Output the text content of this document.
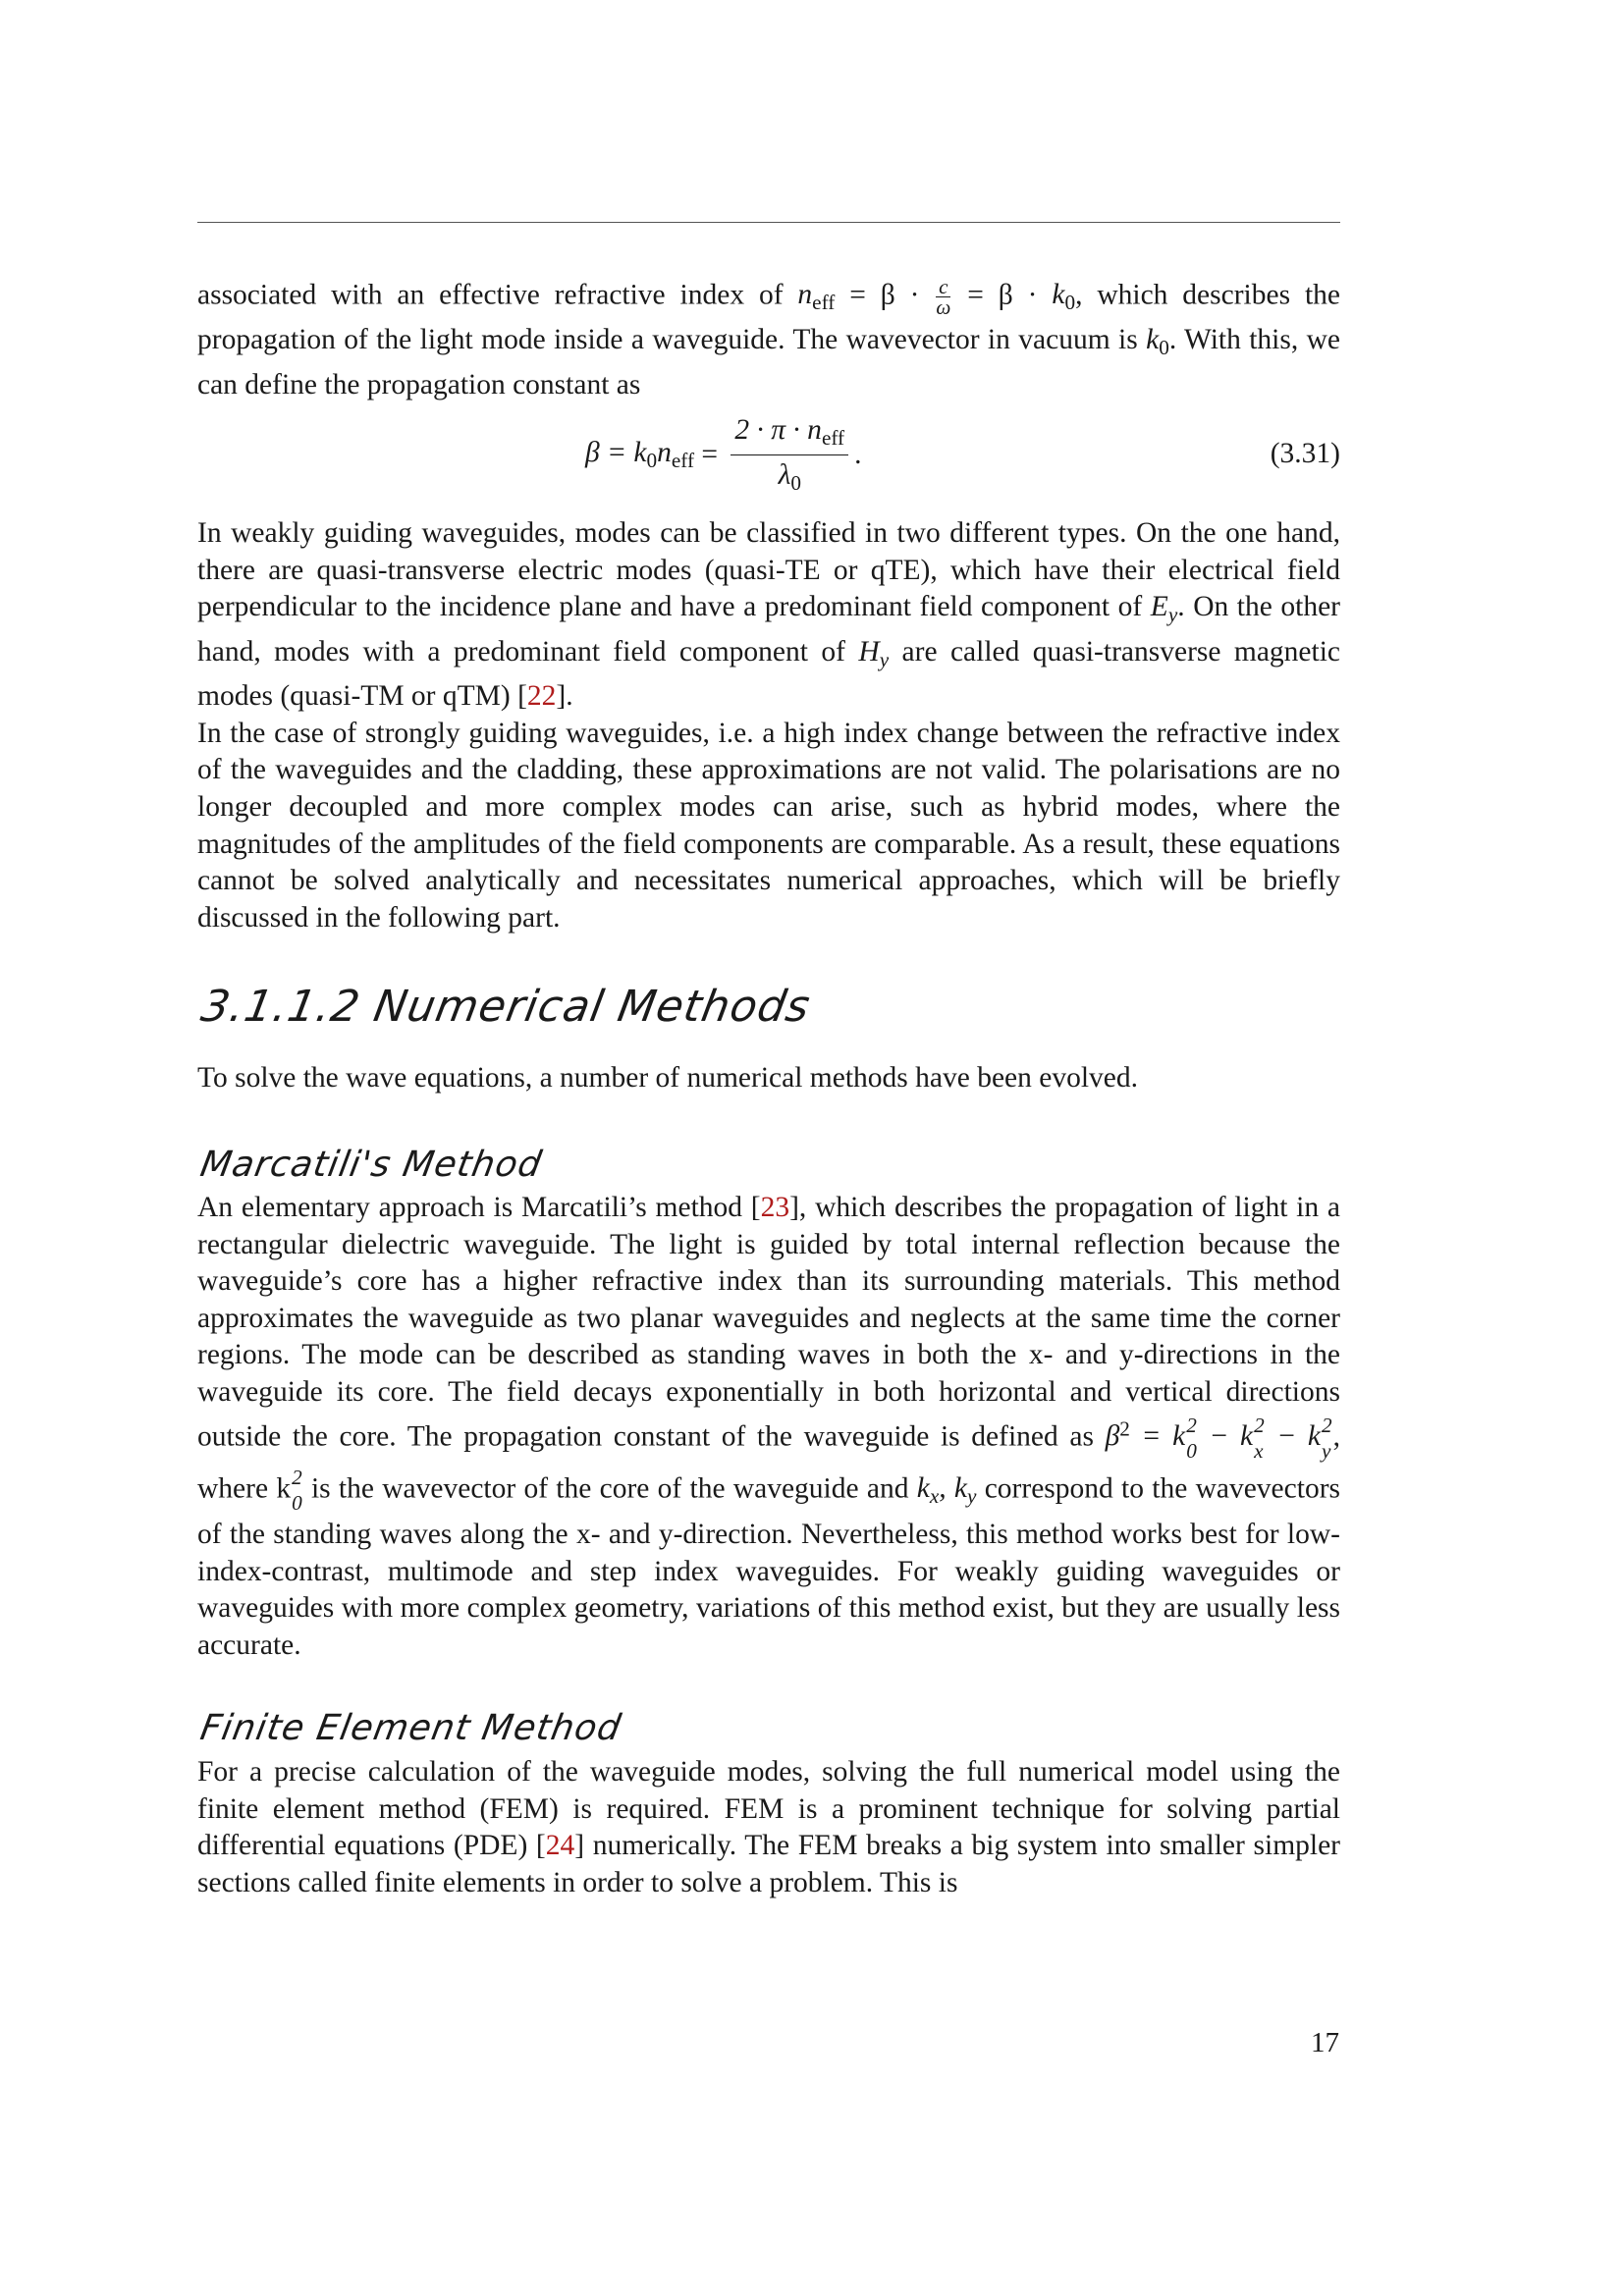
associated with an effective refractive index of $n_{eff} = \beta \cdot \frac{c}{\omega} = \beta \cdot k_0$, which describes the propagation of the light mode inside a waveguide. The wavevector in vacuum is $k_0$. With this, we can define the propagation constant as

$\beta = k_0n_{eff} = \frac{2 \cdot \pi \cdot n_{eff}}{\lambda_0}$ .	(3.31)

In weakly guiding waveguides, modes can be classified in two different types. On the one hand, there are quasi-transverse electric modes (quasi-TE or qTE), which have their electrical field perpendicular to the incidence plane and have a predominant field component of $E_y$. On the other hand, modes with a predominant field component of $H_y$ are called quasi-transverse magnetic modes (quasi-TM or qTM) [22].

In the case of strongly guiding waveguides, i.e. a high index change between the refractive index of the waveguides and the cladding, these approximations are not valid. The polarisations are no longer decoupled and more complex modes can arise, such as hybrid modes, where the magnitudes of the amplitudes of the field components are comparable. As a result, these equations cannot be solved analytically and necessitates numerical approaches, which will be briefly discussed in the following part.

3.1.1.2 Numerical Methods

To solve the wave equations, a number of numerical methods have been evolved.

Marcatili's Method

An elementary approach is Marcatili’s method [23], which describes the propagation of light in a rectangular dielectric waveguide. The light is guided by total internal reflection because the waveguide’s core has a higher refractive index than its surrounding materials. This method approximates the waveguide as two planar waveguides and neglects at the same time the corner regions. The mode can be described as standing waves in both the x- and y-directions in the waveguide its core. The field decays exponentially in both horizontal and vertical directions outside the core. The propagation constant of the waveguide is defined as $\beta^2 = k$ 2
0 − k 2
x − k 2
y , where k 2
0 is the wavevector of the core of the waveguide and $k_x$, $k_y$ correspond to the wavevectors of the standing waves along the x- and y-direction. Nevertheless, this method works best for low-index-contrast, multimode and step index waveguides. For weakly guiding waveguides or waveguides with more complex geometry, variations of this method exist, but they are usually less accurate.

Finite Element Method

For a precise calculation of the waveguide modes, solving the full numerical model using the finite element method (FEM) is required. FEM is a prominent technique for solving partial differential equations (PDE) [24] numerically. The FEM breaks a big system into smaller simpler sections called finite elements in order to solve a problem. This is

17
